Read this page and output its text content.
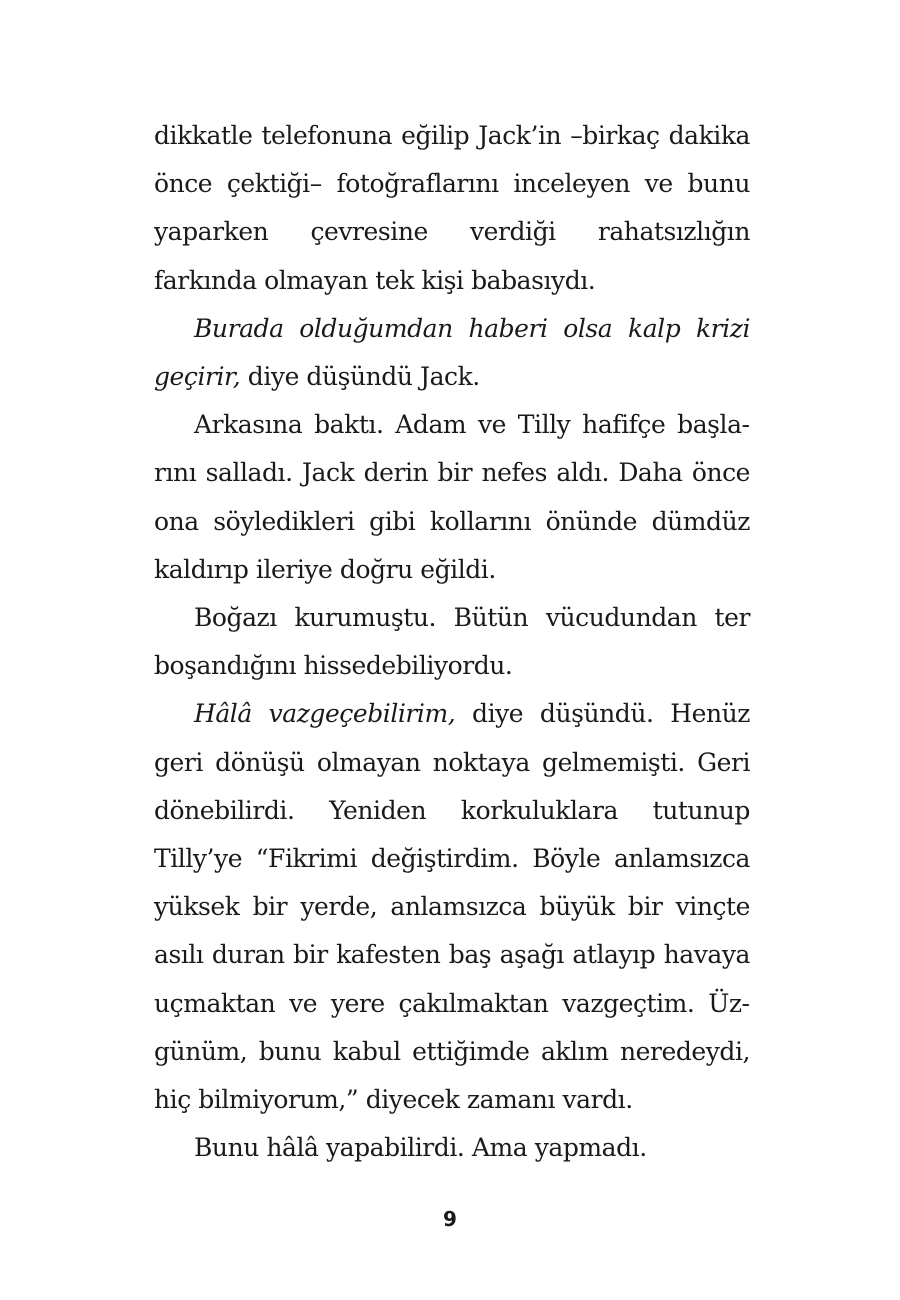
dikkatle telefonuna eğilip Jack’in –birkaç dakika önce çektiği– fotoğraflarını inceleyen ve bunu yaparken çevresine verdiği rahatsızlığın farkında olmayan tek kişi babasıydı.

Burada olduğumdan haberi olsa kalp krizi geçirir, diye düşündü Jack.

Arkasına baktı. Adam ve Tilly hafifçe başlarını salladı. Jack derin bir nefes aldı. Daha önce ona söyledikleri gibi kollarını önünde dümdüz kaldırıp ileriye doğru eğildi.

Boğazı kurumuştu. Bütün vücudundan ter boşandığını hissedebiliyordu.

Hâlâ vazgeçebilirim, diye düşündü. Henüz geri dönüşü olmayan noktaya gelmemişti. Geri dönebilirdi. Yeniden korkuluklara tutunup Tilly’ye “Fikrimi değiştirdim. Böyle anlamsızca yüksek bir yerde, anlamsızca büyük bir vinçte asılı duran bir kafesten baş aşağı atlayıp havaya uçmaktan ve yere çakılmaktan vazgeçtim. Üzgünüm, bunu kabul ettiğimde aklım neredeydi, hiç bilmiyorum,” diyecek zamanı vardı.

Bunu hâlâ yapabilirdi. Ama yapmadı.

9
